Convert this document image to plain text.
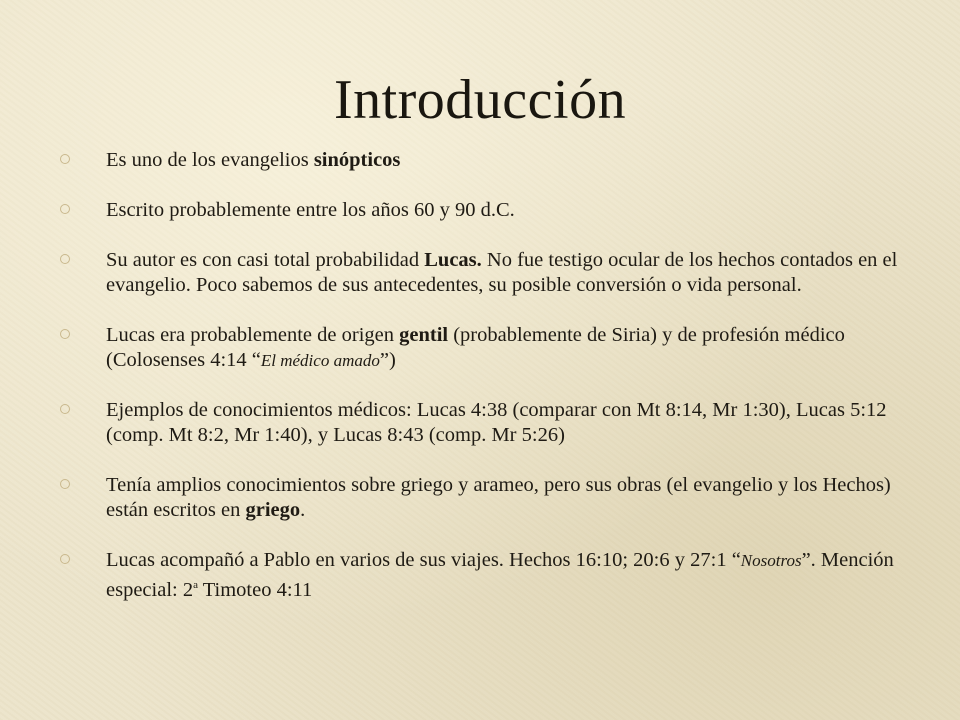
Introducción
Es uno de los evangelios sinópticos
Escrito probablemente entre los años 60 y 90 d.C.
Su autor es con casi total probabilidad Lucas. No fue testigo ocular de los hechos contados en el evangelio. Poco sabemos de sus antecedentes, su posible conversión o vida personal.
Lucas era probablemente de origen gentil (probablemente de Siria) y de profesión médico (Colosenses 4:14 “El médico amado”)
Ejemplos de conocimientos médicos: Lucas 4:38 (comparar con Mt 8:14, Mr 1:30), Lucas 5:12 (comp. Mt 8:2, Mr 1:40), y Lucas 8:43 (comp. Mr 5:26)
Tenía amplios conocimientos sobre griego y arameo, pero sus obras (el evangelio y los Hechos) están escritos en griego.
Lucas acompañó a Pablo en varios de sus viajes. Hechos 16:10; 20:6 y 27:1 “Nosotros”. Mención especial: 2$^a$ Timoteo 4:11
